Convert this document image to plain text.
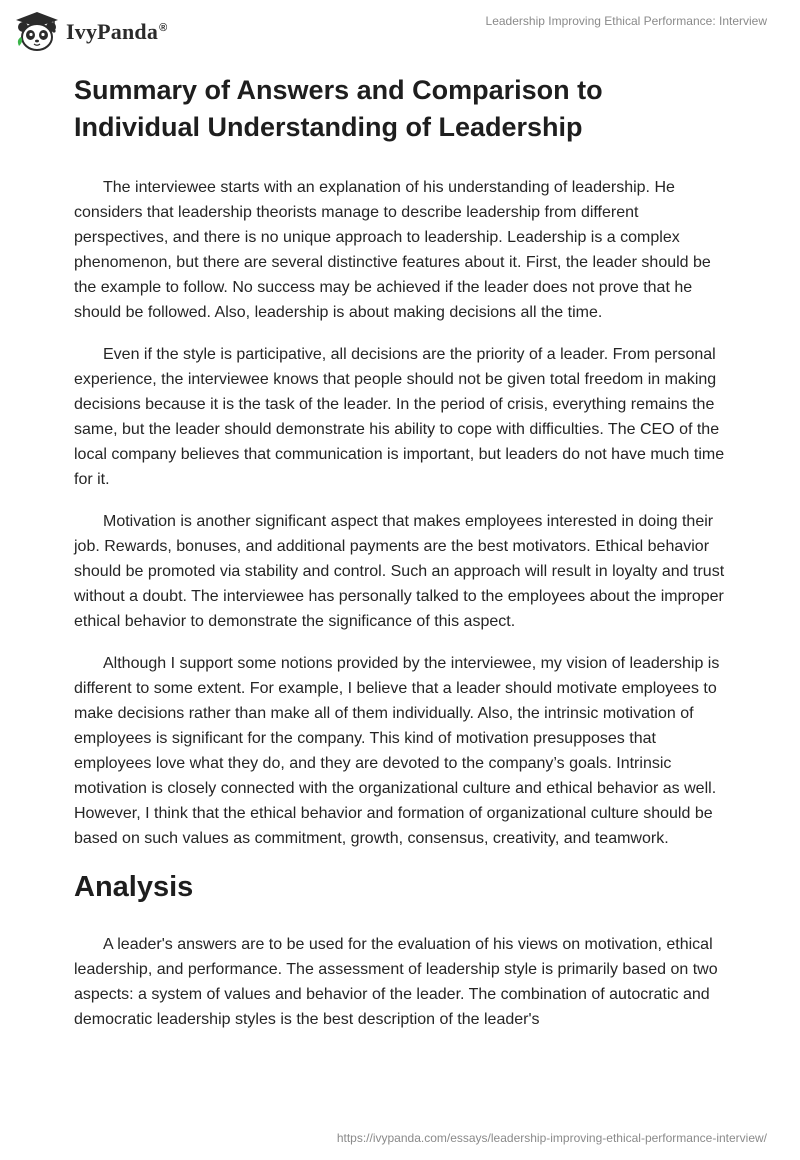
IvyPanda®	Leadership Improving Ethical Performance: Interview
Summary of Answers and Comparison to Individual Understanding of Leadership

The interviewee starts with an explanation of his understanding of leadership. He considers that leadership theorists manage to describe leadership from different perspectives, and there is no unique approach to leadership. Leadership is a complex phenomenon, but there are several distinctive features about it. First, the leader should be the example to follow. No success may be achieved if the leader does not prove that he should be followed. Also, leadership is about making decisions all the time.

Even if the style is participative, all decisions are the priority of a leader. From personal experience, the interviewee knows that people should not be given total freedom in making decisions because it is the task of the leader. In the period of crisis, everything remains the same, but the leader should demonstrate his ability to cope with difficulties. The CEO of the local company believes that communication is important, but leaders do not have much time for it.

Motivation is another significant aspect that makes employees interested in doing their job. Rewards, bonuses, and additional payments are the best motivators. Ethical behavior should be promoted via stability and control. Such an approach will result in loyalty and trust without a doubt. The interviewee has personally talked to the employees about the improper ethical behavior to demonstrate the significance of this aspect.

Although I support some notions provided by the interviewee, my vision of leadership is different to some extent. For example, I believe that a leader should motivate employees to make decisions rather than make all of them individually. Also, the intrinsic motivation of employees is significant for the company. This kind of motivation presupposes that employees love what they do, and they are devoted to the company’s goals. Intrinsic motivation is closely connected with the organizational culture and ethical behavior as well. However, I think that the ethical behavior and formation of organizational culture should be based on such values as commitment, growth, consensus, creativity, and teamwork.

Analysis

A leader's answers are to be used for the evaluation of his views on motivation, ethical leadership, and performance. The assessment of leadership style is primarily based on two aspects: a system of values and behavior of the leader. The combination of autocratic and democratic leadership styles is the best description of the leader's

https://ivypanda.com/essays/leadership-improving-ethical-performance-interview/
